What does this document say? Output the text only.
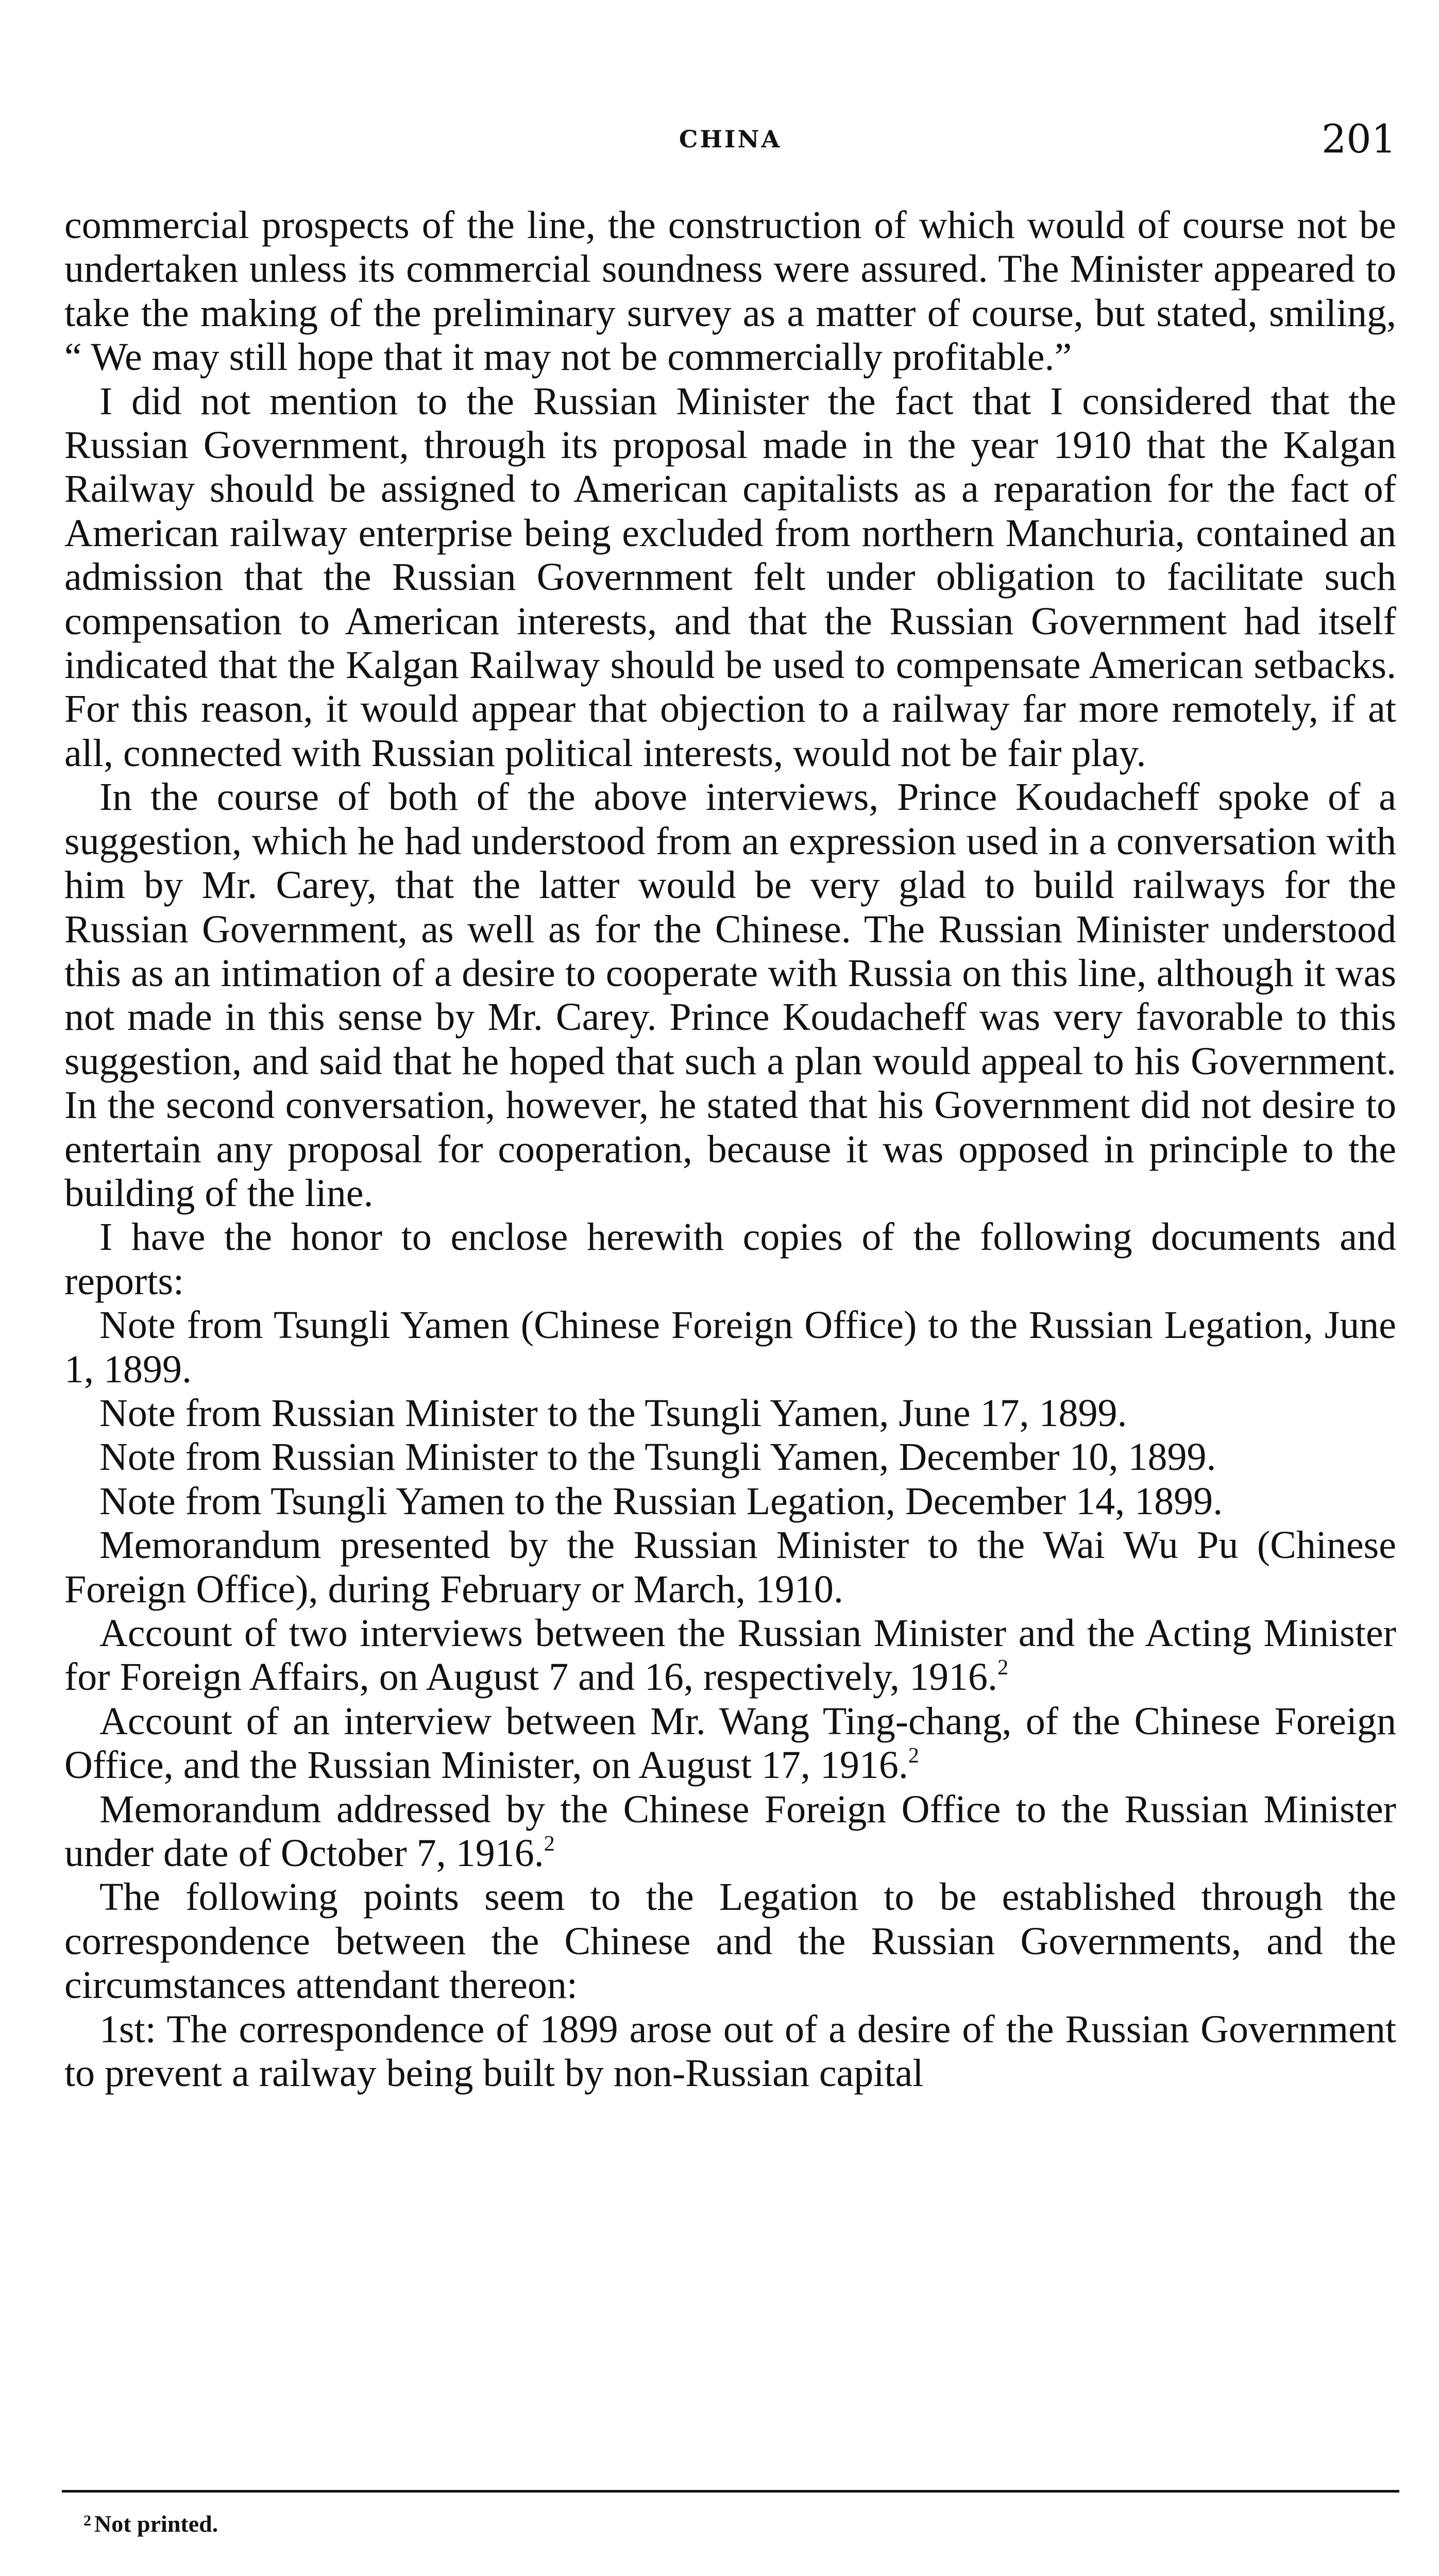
CHINA	201

commercial prospects of the line, the construction of which would of course not be undertaken unless its commercial soundness were assured. The Minister appeared to take the making of the preliminary survey as a matter of course, but stated, smiling, “ We may still hope that it may not be commercially profitable.”

I did not mention to the Russian Minister the fact that I considered that the Russian Government, through its proposal made in the year 1910 that the Kalgan Railway should be assigned to American capitalists as a reparation for the fact of American railway enterprise being excluded from northern Manchuria, contained an admission that the Russian Government felt under obligation to facilitate such compensation to American interests, and that the Russian Government had itself indicated that the Kalgan Railway should be used to compensate American setbacks. For this reason, it would appear that objection to a railway far more remotely, if at all, connected with Russian political interests, would not be fair play.

In the course of both of the above interviews, Prince Koudacheff spoke of a suggestion, which he had understood from an expression used in a conversation with him by Mr. Carey, that the latter would be very glad to build railways for the Russian Government, as well as for the Chinese. The Russian Minister understood this as an intimation of a desire to cooperate with Russia on this line, although it was not made in this sense by Mr. Carey. Prince Koudacheff was very favorable to this suggestion, and said that he hoped that such a plan would appeal to his Government. In the second conversation, however, he stated that his Government did not desire to entertain any proposal for cooperation, because it was opposed in principle to the building of the line.

I have the honor to enclose herewith copies of the following documents and reports:

Note from Tsungli Yamen (Chinese Foreign Office) to the Russian Legation, June 1, 1899.

Note from Russian Minister to the Tsungli Yamen, June 17, 1899.

Note from Russian Minister to the Tsungli Yamen, December 10, 1899.

Note from Tsungli Yamen to the Russian Legation, December 14, 1899.

Memorandum presented by the Russian Minister to the Wai Wu Pu (Chinese Foreign Office), during February or March, 1910.

Account of two interviews between the Russian Minister and the Acting Minister for Foreign Affairs, on August 7 and 16, respectively, 1916.$^2$

Account of an interview between Mr. Wang Ting-chang, of the Chinese Foreign Office, and the Russian Minister, on August 17, 1916.$^2$

Memorandum addressed by the Chinese Foreign Office to the Russian Minister under date of October 7, 1916.$^2$

The following points seem to the Legation to be established through the correspondence between the Chinese and the Russian Governments, and the circumstances attendant thereon:

1st: The correspondence of 1899 arose out of a desire of the Russian Government to prevent a railway being built by non-Russian capital

$^2$ Not printed.
